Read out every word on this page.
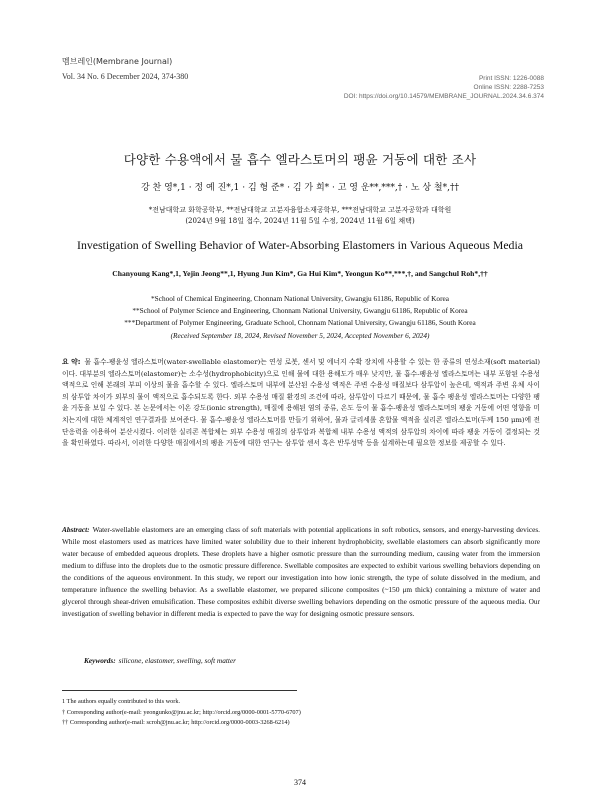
멤브레인(Membrane Journal)
Vol. 34 No. 6 December 2024, 374-380	Print ISSN: 1226-0088
Online ISSN: 2288-7253
DOI: https://doi.org/10.14579/MEMBRANE_JOURNAL.2024.34.6.374
다양한 수용액에서 물 흡수 엘라스토머의 팽윤 거동에 대한 조사
강 찬 영*,1 · 정 예 진*,1 · 김 형 준* · 김 가 희* · 고 영 운**,***,† · 노 상 철*,††
*전남대학교 화학공학부, **전남대학교 고분자융합소재공학부, ***전남대학교 고분자공학과 대학원
(2024년 9월 18일 접수, 2024년 11월 5일 수정, 2024년 11월 6일 채택)
Investigation of Swelling Behavior of Water-Absorbing Elastomers in Various Aqueous Media
Chanyoung Kang*,1, Yejin Jeong**,1, Hyung Jun Kim*, Ga Hui Kim*, Yeongun Ko**,***,†, and Sangchul Roh*,††
*School of Chemical Engineering, Chonnam National University, Gwangju 61186, Republic of Korea
**School of Polymer Science and Engineering, Chonnam National University, Gwangju 61186, Republic of Korea
***Department of Polymer Engineering, Graduate School, Chonnam National University, Gwangju 61186, South Korea
(Received September 18, 2024, Revised November 5, 2024, Accepted November 6, 2024)
요 약: 물 흡수-팽윤성 엘라스토머(water-swellable elastomer)는 연성 로봇, 센서 및 에너지 수확 장치에 사용할 수 있는 한 종류의 연성소재(soft material)이다. 대부분의 엘라스토머(elastomer)는 소수성(hydrophobicity)으로 인해 물에 대한 용해도가 매우 낮지만, 물 흡수-팽윤성 엘라스토머는 내부 포함된 수용성 액적으로 인해 본래의 부피 이상의 물을 흡수할 수 있다. 엘라스토머 내부에 분산된 수용성 액적은 주변 수용성 매질보다 삼투압이 높은데, 액적과 주변 유체 사이의 삼투압 차이가 외부의 물이 액적으로 흡수되도록 한다. 외부 수용성 매질 환경의 조건에 따라, 삼투압이 다르기 때문에, 물 흡수 팽윤성 엘라스토머는 다양한 팽윤 거동을 보일 수 있다. 본 논문에서는 이온 강도(ionic strength), 매질에 용해된 염의 종류, 온도 등이 물 흡수-팽윤성 엘라스토머의 팽윤 거동에 어떤 영향을 미치는지에 대한 체계적인 연구결과를 보여준다. 물 흡수-팽윤성 엘라스토머를 만들기 위하여, 물과 글리세롤 혼합물 액적을 실리콘 엘라스토머(두께 150 μm)에 전단응력을 이용하여 분산시켰다. 이러한 실리콘 복합체는 외부 수용성 매질의 삼투압과 복합체 내부 수용성 액적의 삼투압의 차이에 따라 팽윤 거동이 결정되는 것을 확인하였다. 따라서, 이러한 다양한 매질에서의 팽윤 거동에 대한 연구는 삼투압 센서 혹은 반투성막 등을 설계하는데 필요한 정보를 제공할 수 있다.
Abstract: Water-swellable elastomers are an emerging class of soft materials with potential applications in soft robotics, sensors, and energy-harvesting devices. While most elastomers used as matrices have limited water solubility due to their inherent hydrophobicity, swellable elastomers can absorb significantly more water because of embedded aqueous droplets. These droplets have a higher osmotic pressure than the surrounding medium, causing water from the immersion medium to diffuse into the droplets due to the osmotic pressure difference. Swellable composites are expected to exhibit various swelling behaviors depending on the conditions of the aqueous environment. In this study, we report our investigation into how ionic strength, the type of solute dissolved in the medium, and temperature influence the swelling behavior. As a swellable elastomer, we prepared silicone composites (~150 μm thick) containing a mixture of water and glycerol through shear-driven emulsification. These composites exhibit diverse swelling behaviors depending on the osmotic pressure of the aqueous media. Our investigation of swelling behavior in different media is expected to pave the way for designing osmotic pressure sensors.
Keywords: silicone, elastomer, swelling, soft matter
1 The authors equally contributed to this work.
† Corresponding author(e-mail: yeongunko@jnu.ac.kr; http://orcid.org/0000-0001-5770-6707)
†† Corresponding author(e-mail: scroh@jnu.ac.kr; http://orcid.org/0000-0003-3268-6214)
374
